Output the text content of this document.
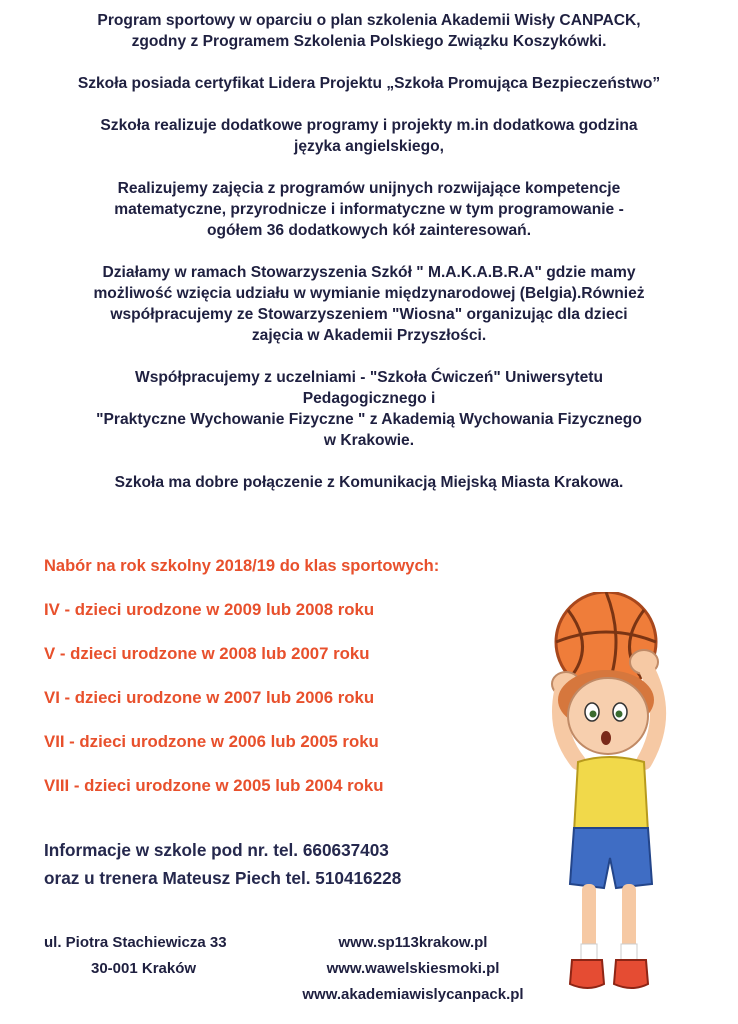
Program sportowy w oparciu o plan szkolenia Akademii Wisły CANPACK,
zgodny z Programem Szkolenia Polskiego Związku Koszykówki.

Szkoła posiada certyfikat Lidera Projektu „Szkoła Promująca Bezpieczeństwo”

Szkoła realizuje dodatkowe programy i projekty m.in dodatkowa godzina
języka angielskiego,

Realizujemy zajęcia z programów unijnych rozwijające kompetencje
matematyczne, przyrodnicze i informatyczne w tym programowanie -
ogółem 36 dodatkowych kół zainteresowań.

Działamy w ramach Stowarzyszenia Szkół " M.A.K.A.B.R.A" gdzie mamy
możliwość wzięcia udziału w wymianie międzynarodowej (Belgia).Również
współpracujemy ze Stowarzyszeniem "Wiosna" organizując dla dzieci
zajęcia w Akademii Przyszłości.

Współpracujemy z uczelniami - "Szkoła Ćwiczeń" Uniwersytetu
Pedagogicznego i
"Praktyczne Wychowanie Fizyczne " z Akademią Wychowania Fizycznego
w Krakowie.

Szkoła ma dobre połączenie z Komunikacją Miejską Miasta Krakowa.

Nabór na rok szkolny 2018/19 do klas sportowych:
IV - dzieci urodzone w 2009 lub 2008 roku
V - dzieci urodzone w 2008 lub 2007 roku
VI - dzieci urodzone w 2007 lub 2006 roku
VII - dzieci urodzone w 2006 lub 2005 roku
VIII - dzieci urodzone w 2005 lub 2004 roku
Informacje w szkole pod nr. tel. 660637403
oraz u trenera Mateusz Piech tel. 510416228
ul. Piotra Stachiewicza 33
30-001 Kraków
www.sp113krakow.pl
www.wawelskiesmoki.pl
www.akademiawislycanpack.pl
